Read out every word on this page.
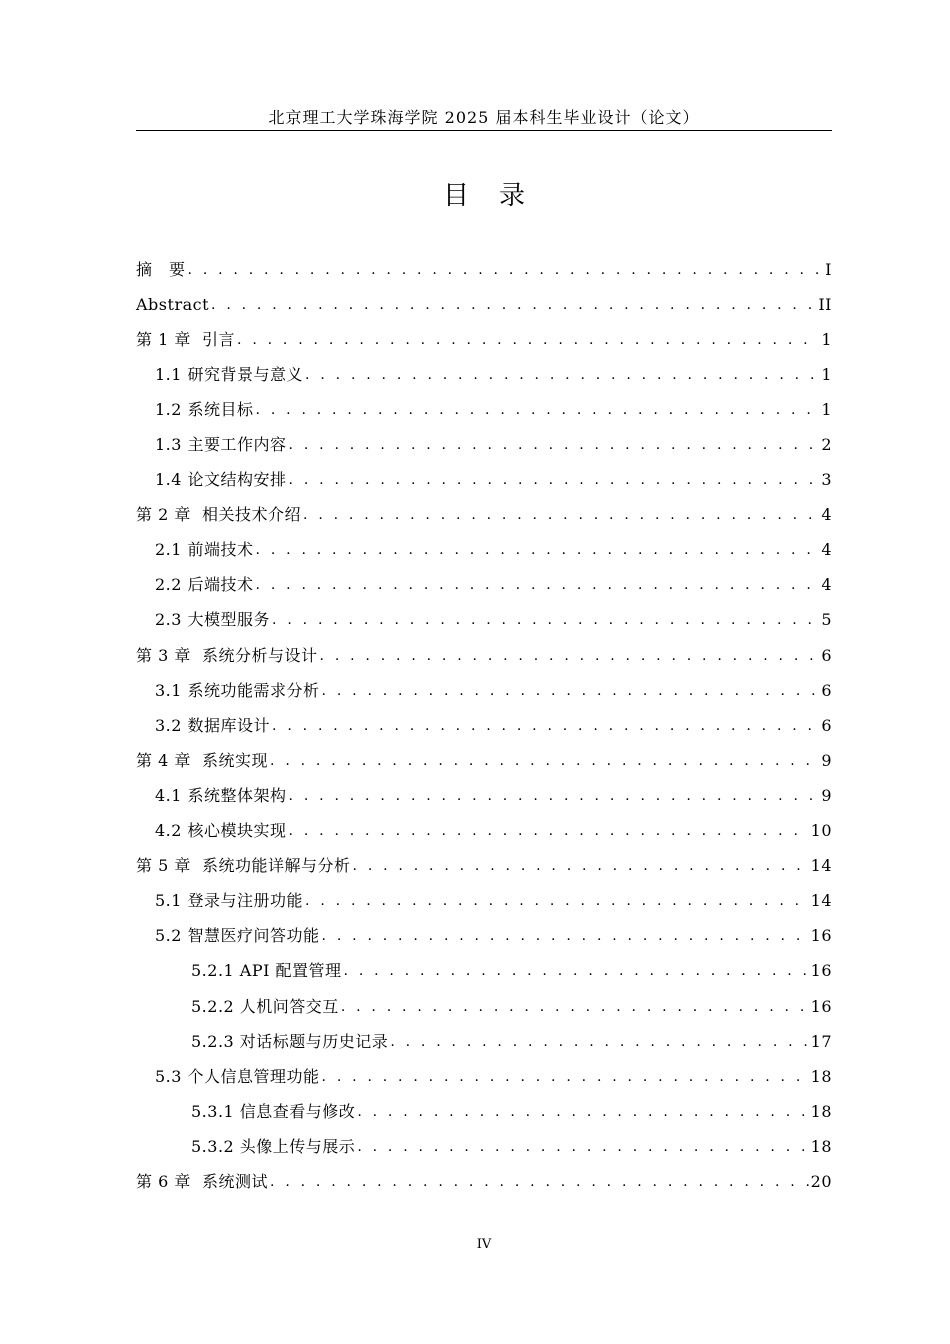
北京理工大学珠海学院 2025 届本科生毕业设计（论文）
目录
摘　要 . . .	I
Abstract . . .	II
第 1 章  引言 . . .	1
1.1 研究背景与意义 . . .	1
1.2 系统目标 . . .	1
1.3 主要工作内容 . . .	2
1.4 论文结构安排 . . .	3
第 2 章  相关技术介绍 . . .	4
2.1 前端技术 . . .	4
2.2 后端技术 . . .	4
2.3 大模型服务 . . .	5
第 3 章  系统分析与设计 . . .	6
3.1 系统功能需求分析 . . .	6
3.2 数据库设计 . . .	6
第 4 章  系统实现 . . .	9
4.1 系统整体架构 . . .	9
4.2 核心模块实现 . . .	10
第 5 章  系统功能详解与分析 . . .	14
5.1 登录与注册功能 . . .	14
5.2 智慧医疗问答功能 . . .	16
5.2.1 API 配置管理 . . .	16
5.2.2 人机问答交互 . . .	16
5.2.3 对话标题与历史记录 . . .	17
5.3 个人信息管理功能 . . .	18
5.3.1 信息查看与修改 . . .	18
5.3.2 头像上传与展示 . . .	18
第 6 章  系统测试 . . .	20
IV
